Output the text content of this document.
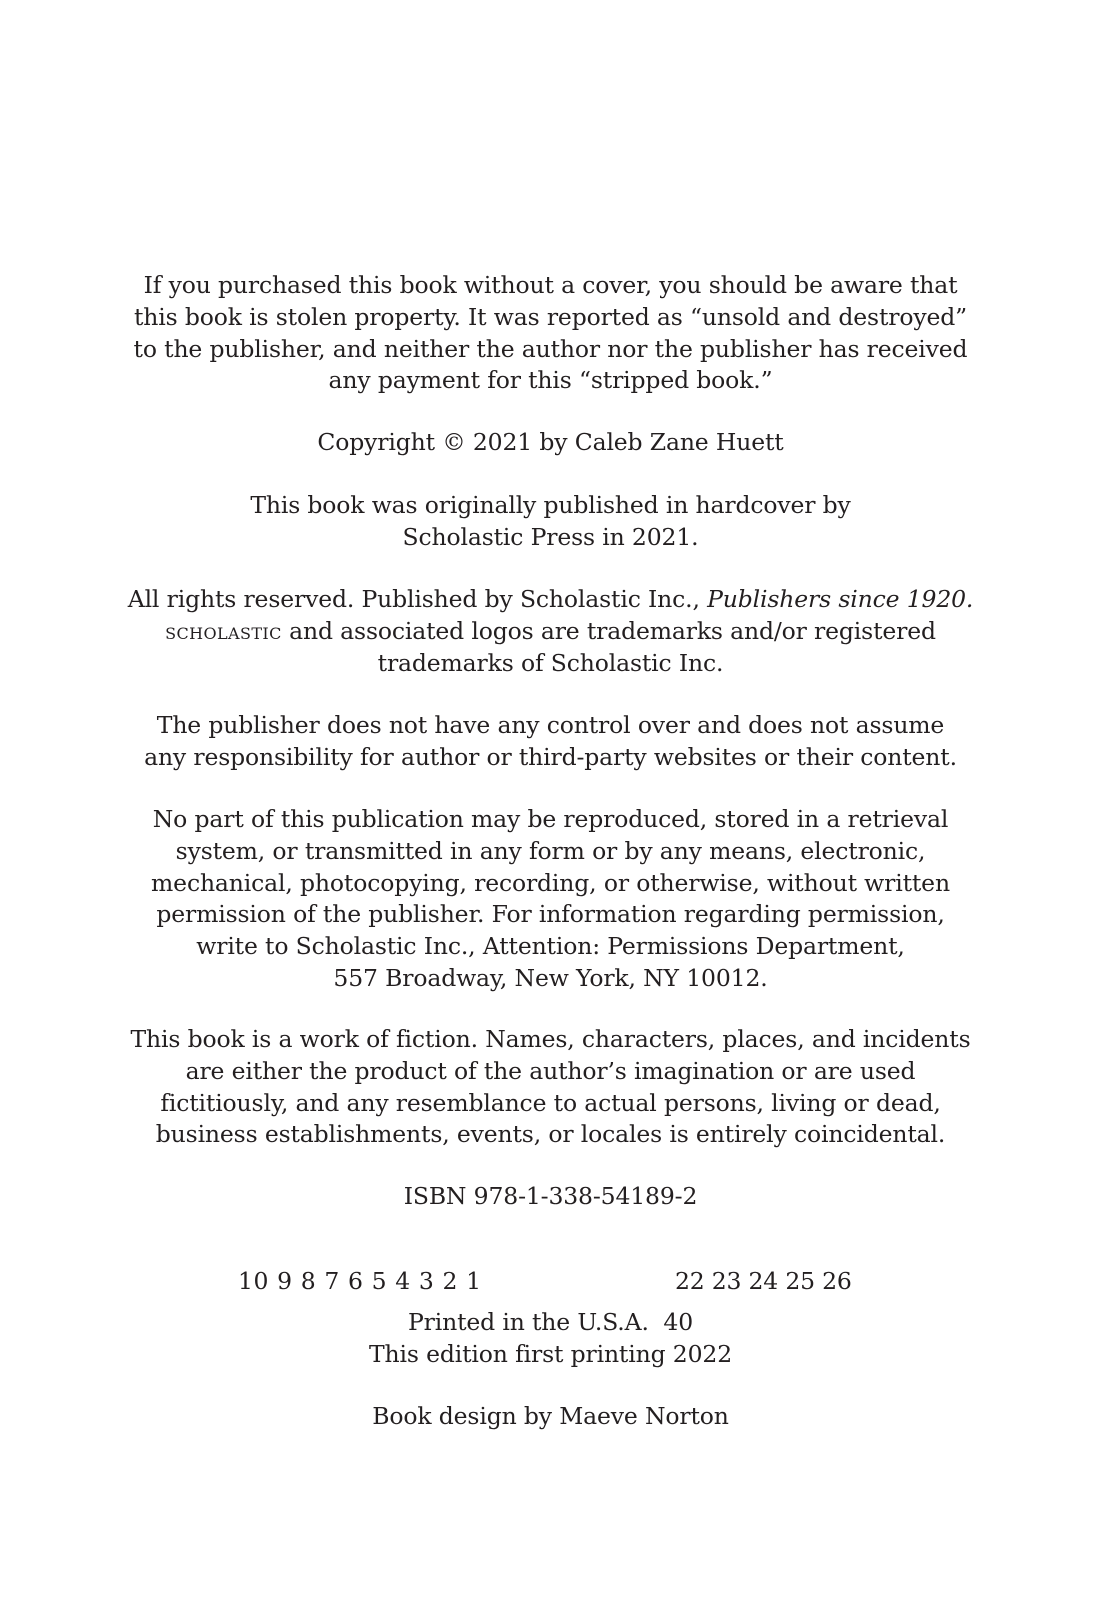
If you purchased this book without a cover, you should be aware that
this book is stolen property. It was reported as “unsold and destroyed”
to the publisher, and neither the author nor the publisher has received
any payment for this “stripped book.”
Copyright © 2021 by Caleb Zane Huett
This book was originally published in hardcover by
Scholastic Press in 2021.
All rights reserved. Published by Scholastic Inc., Publishers since 1920.
scholastic and associated logos are trademarks and/or registered
trademarks of Scholastic Inc.
The publisher does not have any control over and does not assume
any responsibility for author or third-party websites or their content.
No part of this publication may be reproduced, stored in a retrieval
system, or transmitted in any form or by any means, electronic,
mechanical, photocopying, recording, or otherwise, without written
permission of the publisher. For information regarding permission,
write to Scholastic Inc., Attention: Permissions Department,
557 Broadway, New York, NY 10012.
This book is a work of fiction. Names, characters, places, and incidents
are either the product of the author’s imagination or are used
fictitiously, and any resemblance to actual persons, living or dead,
business establishments, events, or locales is entirely coincidental.
ISBN 978-1-338-54189-2
10 9 8 7 6 5 4 3 2 1	22 23 24 25 26
Printed in the U.S.A.  40
This edition first printing 2022
Book design by Maeve Norton
